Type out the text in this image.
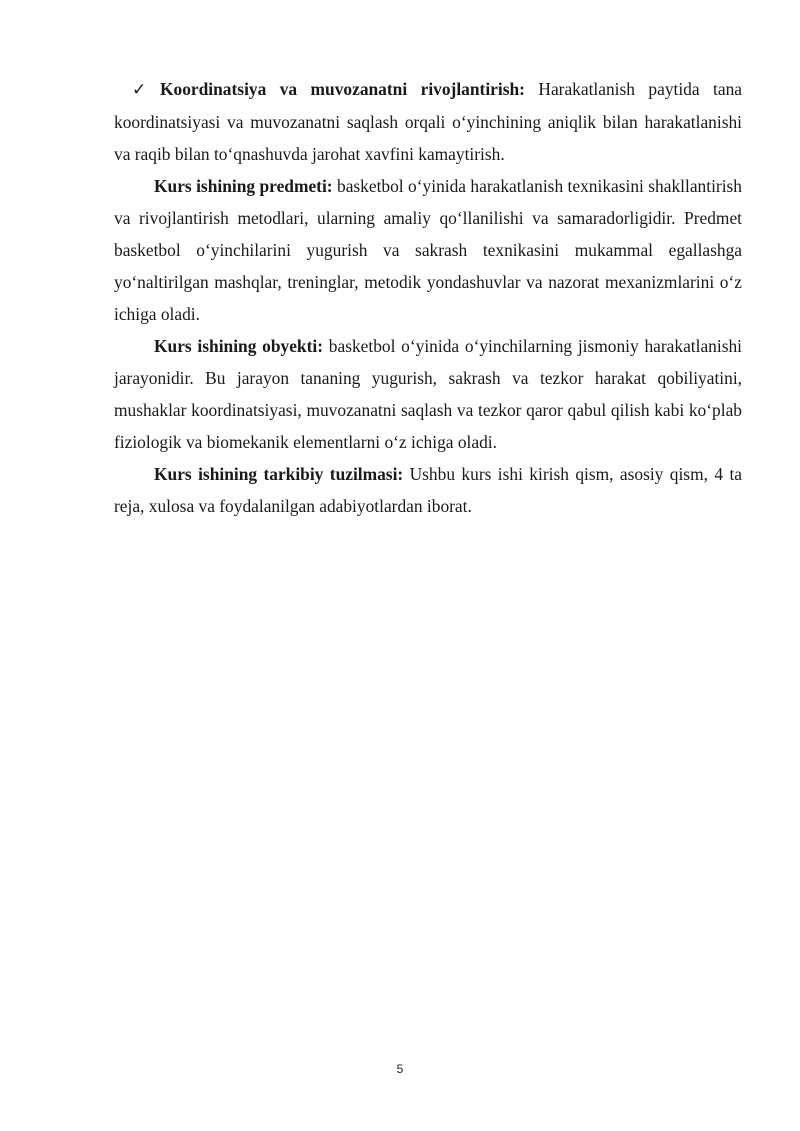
✓ Koordinatsiya va muvozanatni rivojlantirish: Harakatlanish paytida tana koordinatsiyasi va muvozanatni saqlash orqali o‘yinchining aniqlik bilan harakatlanishi va raqib bilan to‘qnashuvda jarohat xavfini kamaytirish.

Kurs ishining predmeti: basketbol o‘yinida harakatlanish texnikasini shakllantirish va rivojlantirish metodlari, ularning amaliy qo‘llanilishi va samaradorligidir. Predmet basketbol o‘yinchilarini yugurish va sakrash texnikasini mukammal egallashga yo‘naltirilgan mashqlar, treninglar, metodik yondashuvlar va nazorat mexanizmlarini o‘z ichiga oladi.

Kurs ishining obyekti: basketbol o‘yinida o‘yinchilarning jismoniy harakatlanishi jarayonidir. Bu jarayon tananing yugurish, sakrash va tezkor harakat qobiliyatini, mushaklar koordinatsiyasi, muvozanatni saqlash va tezkor qaror qabul qilish kabi ko‘plab fiziologik va biomekanik elementlarni o‘z ichiga oladi.

Kurs ishining tarkibiy tuzilmasi: Ushbu kurs ishi kirish qism, asosiy qism, 4 ta reja, xulosa va foydalanilgan adabiyotlardan iborat.

5
